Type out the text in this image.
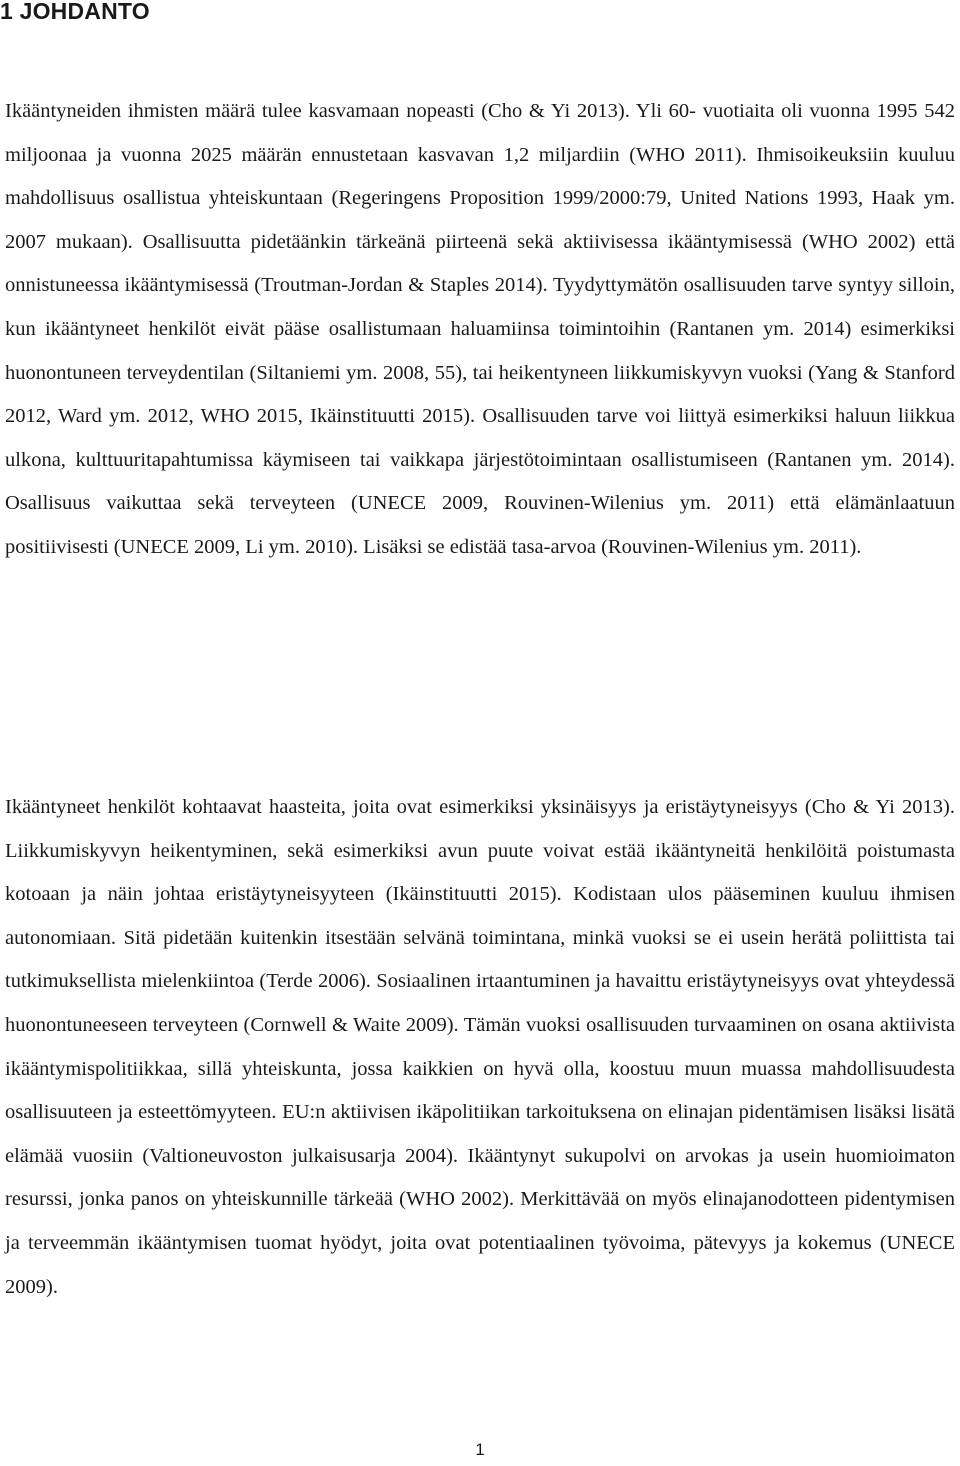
1 JOHDANTO

Ikääntyneiden ihmisten määrä tulee kasvamaan nopeasti (Cho & Yi 2013). Yli 60- vuotiaita oli vuonna 1995 542 miljoonaa ja vuonna 2025 määrän ennustetaan kasvavan 1,2 miljardiin (WHO 2011). Ihmisoikeuksiin kuuluu mahdollisuus osallistua yhteiskuntaan (Regeringens Proposition 1999/2000:79, United Nations 1993, Haak ym. 2007 mukaan). Osallisuutta pidetäänkin tärkeänä piirteenä sekä aktiivisessa ikääntymisessä (WHO 2002) että onnistuneessa ikääntymisessä (Troutman-Jordan & Staples 2014). Tyydyttymätön osallisuuden tarve syntyy silloin, kun ikääntyneet henkilöt eivät pääse osallistumaan haluamiinsa toimintoihin (Rantanen ym. 2014) esimerkiksi huonontuneen terveydentilan (Siltaniemi ym. 2008, 55), tai heikentyneen liikkumiskyvyn vuoksi (Yang & Stanford 2012, Ward ym. 2012, WHO 2015, Ikäinstituutti 2015). Osallisuuden tarve voi liittyä esimerkiksi haluun liikkua ulkona, kulttuuritapahtumissa käymiseen tai vaikkapa järjestötoimintaan osallistumiseen (Rantanen ym. 2014). Osallisuus vaikuttaa sekä terveyteen (UNECE 2009, Rouvinen-Wilenius ym. 2011) että elämänlaatuun positiivisesti (UNECE 2009, Li ym. 2010). Lisäksi se edistää tasa-arvoa (Rouvinen-Wilenius ym. 2011).

Ikääntyneet henkilöt kohtaavat haasteita, joita ovat esimerkiksi yksinäisyys ja eristäytyneisyys (Cho & Yi 2013). Liikkumiskyvyn heikentyminen, sekä esimerkiksi avun puute voivat estää ikääntyneitä henkilöitä poistumasta kotoaan ja näin johtaa eristäytyneisyyteen (Ikäinstituutti 2015). Kodistaan ulos pääseminen kuuluu ihmisen autonomiaan. Sitä pidetään kuitenkin itsestään selvänä toimintana, minkä vuoksi se ei usein herätä poliittista tai tutkimuksellista mielenkiintoa (Terde 2006). Sosiaalinen irtaantuminen ja havaittu eristäytyneisyys ovat yhteydessä huonontuneeseen terveyteen (Cornwell & Waite 2009). Tämän vuoksi osallisuuden turvaaminen on osana aktiivista ikääntymispolitiikkaa, sillä yhteiskunta, jossa kaikkien on hyvä olla, koostuu muun muassa mahdollisuudesta osallisuuteen ja esteettömyyteen. EU:n aktiivisen ikäpolitiikan tarkoituksena on elinajan pidentämisen lisäksi lisätä elämää vuosiin (Valtioneuvoston julkaisusarja 2004). Ikääntynyt sukupolvi on arvokas ja usein huomioimaton resurssi, jonka panos on yhteiskunnille tärkeää (WHO 2002). Merkittävää on myös elinajanodotteen pidentymisen ja terveemmän ikääntymisen tuomat hyödyt, joita ovat potentiaalinen työvoima, pätevyys ja kokemus (UNECE 2009).

1
